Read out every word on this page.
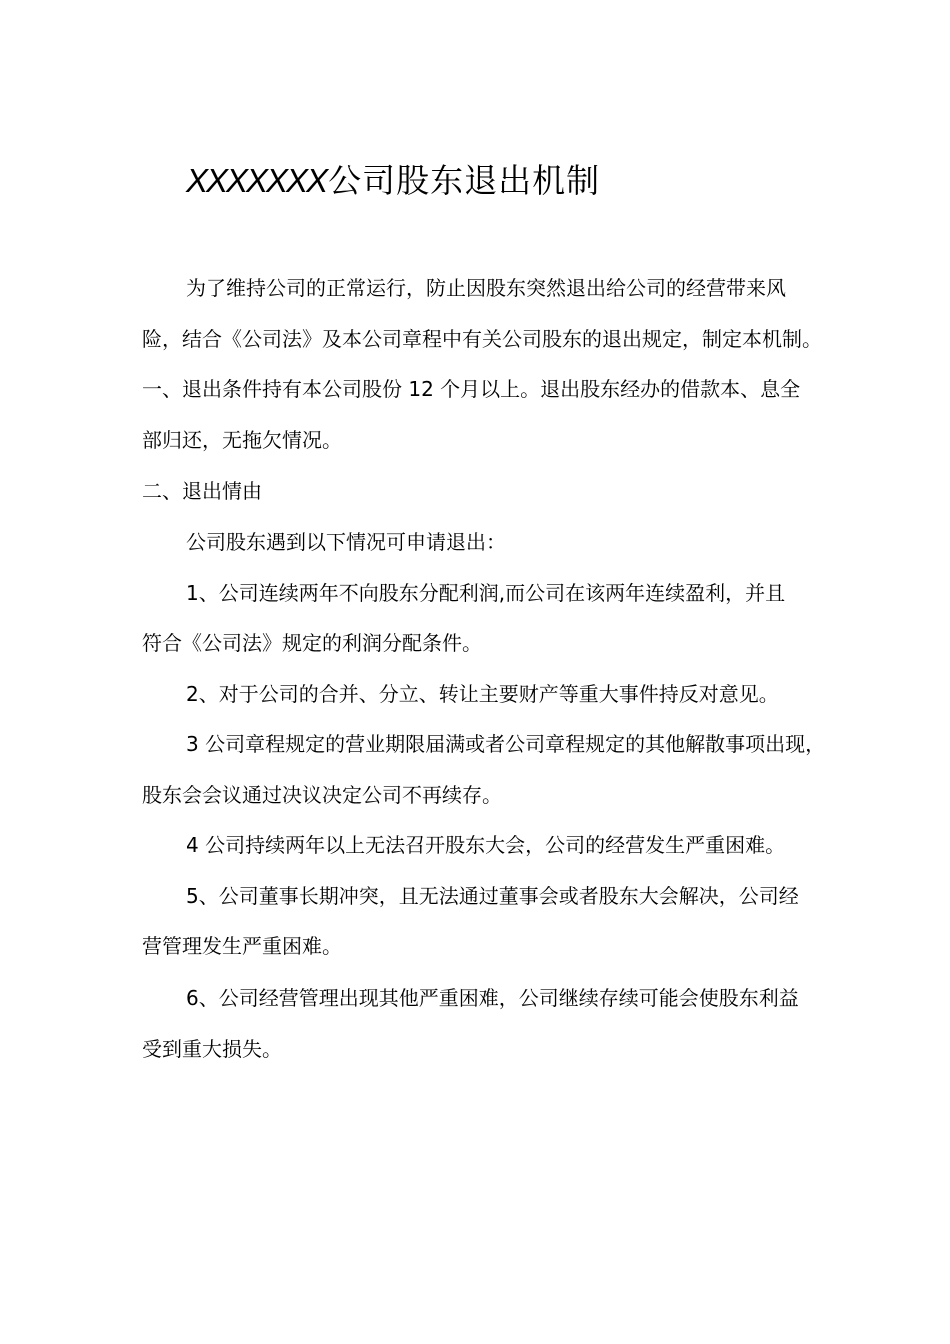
XXXXXXX公司股东退出机制
为了维持公司的正常运行，防止因股东突然退出给公司的经营带来风
险，结合《公司法》及本公司章程中有关公司股东的退出规定，制定本机制。
一、退出条件持有本公司股份 12 个月以上。退出股东经办的借款本、息全
部归还，无拖欠情况。
二、退出情由
公司股东遇到以下情况可申请退出：
1、公司连续两年不向股东分配利润,而公司在该两年连续盈利，并且
符合《公司法》规定的利润分配条件。
2、对于公司的合并、分立、转让主要财产等重大事件持反对意见。
3 公司章程规定的营业期限届满或者公司章程规定的其他解散事项出现，
股东会会议通过决议决定公司不再续存。
4 公司持续两年以上无法召开股东大会，公司的经营发生严重困难。
5、公司董事长期冲突，且无法通过董事会或者股东大会解决，公司经
营管理发生严重困难。
6、公司经营管理出现其他严重困难，公司继续存续可能会使股东利益
受到重大损失。
